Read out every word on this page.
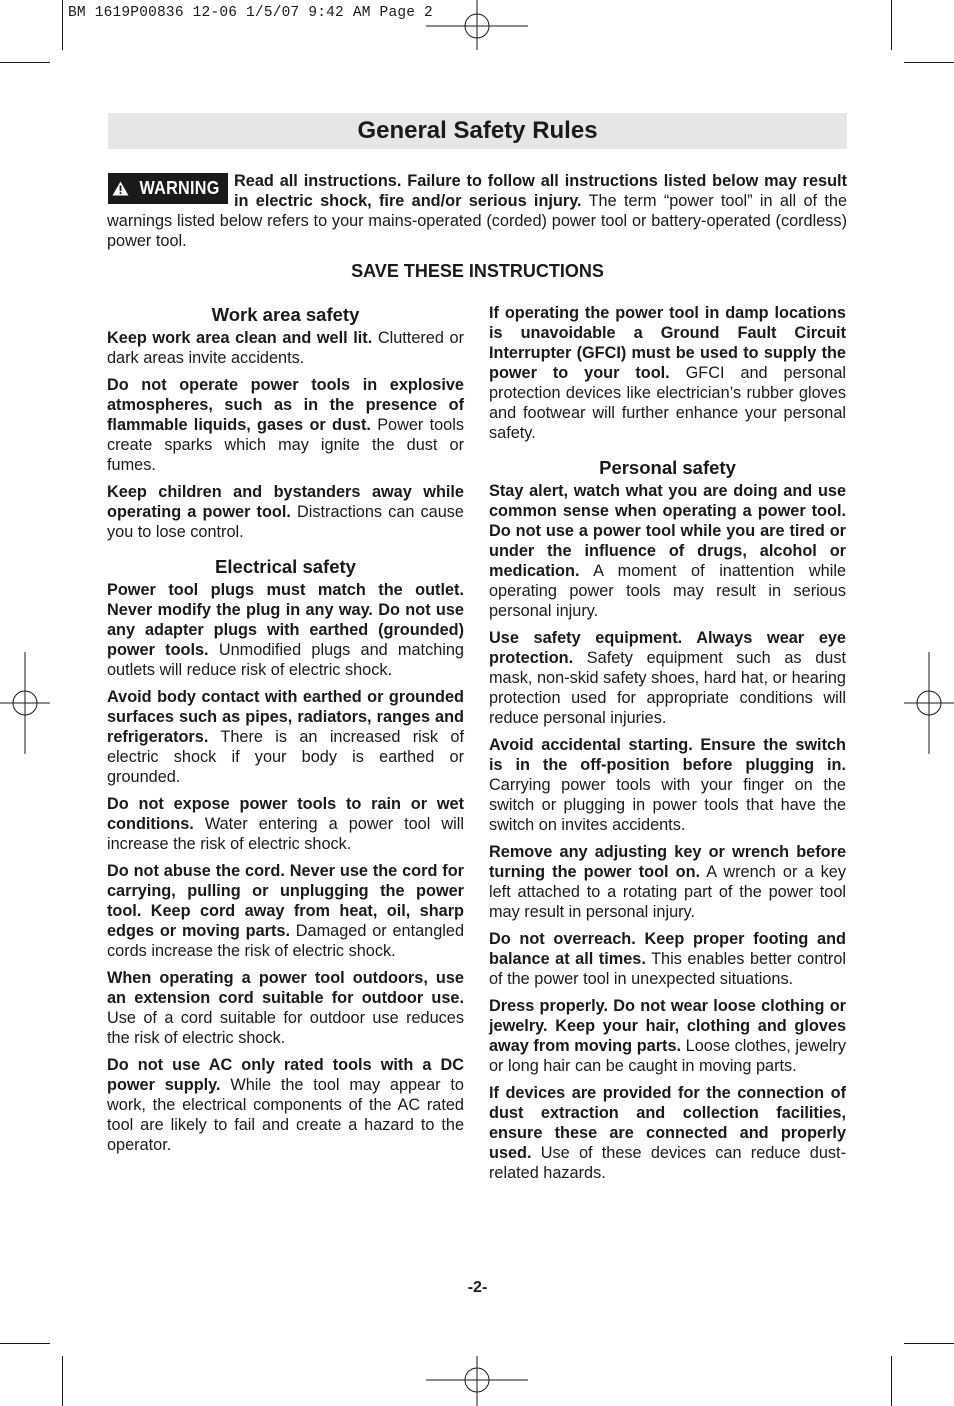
BM 1619P00836 12-06 1/5/07 9:42 AM Page 2
General Safety Rules
WARNING Read all instructions. Failure to follow all instructions listed below may result in electric shock, fire and/or serious injury. The term “power tool” in all of the warnings listed below refers to your mains-operated (corded) power tool or battery-operated (cordless) power tool.

SAVE THESE INSTRUCTIONS
Work area safety

Keep work area clean and well lit. Cluttered or dark areas invite accidents.

Do not operate power tools in explosive atmospheres, such as in the presence of flammable liquids, gases or dust. Power tools create sparks which may ignite the dust or fumes.

Keep children and bystanders away while operating a power tool. Distractions can cause you to lose control.

Electrical safety

Power tool plugs must match the outlet. Never modify the plug in any way. Do not use any adapter plugs with earthed (grounded) power tools. Unmodified plugs and matching outlets will reduce risk of electric shock.

Avoid body contact with earthed or grounded surfaces such as pipes, radiators, ranges and refrigerators. There is an increased risk of electric shock if your body is earthed or grounded.

Do not expose power tools to rain or wet conditions. Water entering a power tool will increase the risk of electric shock.

Do not abuse the cord. Never use the cord for carrying, pulling or unplugging the power tool. Keep cord away from heat, oil, sharp edges or moving parts. Damaged or entangled cords increase the risk of electric shock.

When operating a power tool outdoors, use an extension cord suitable for outdoor use. Use of a cord suitable for outdoor use reduces the risk of electric shock.

Do not use AC only rated tools with a DC power supply. While the tool may appear to work, the electrical components of the AC rated tool are likely to fail and create a hazard to the operator.

If operating the power tool in damp locations is unavoidable a Ground Fault Circuit Interrupter (GFCI) must be used to supply the power to your tool. GFCI and personal protection devices like electrician’s rubber gloves and footwear will further enhance your personal safety.

Personal safety

Stay alert, watch what you are doing and use common sense when operating a power tool. Do not use a power tool while you are tired or under the influence of drugs, alcohol or medication. A moment of inattention while operating power tools may result in serious personal injury.

Use safety equipment. Always wear eye protection. Safety equipment such as dust mask, non-skid safety shoes, hard hat, or hearing protection used for appropriate conditions will reduce personal injuries.

Avoid accidental starting. Ensure the switch is in the off-position before plugging in. Carrying power tools with your finger on the switch or plugging in power tools that have the switch on invites accidents.

Remove any adjusting key or wrench before turning the power tool on. A wrench or a key left attached to a rotating part of the power tool may result in personal injury.

Do not overreach. Keep proper footing and balance at all times. This enables better control of the power tool in unexpected situations.

Dress properly. Do not wear loose clothing or jewelry. Keep your hair, clothing and gloves away from moving parts. Loose clothes, jewelry or long hair can be caught in moving parts.

If devices are provided for the connection of dust extraction and collection facilities, ensure these are connected and properly used. Use of these devices can reduce dust-related hazards.

-2-
